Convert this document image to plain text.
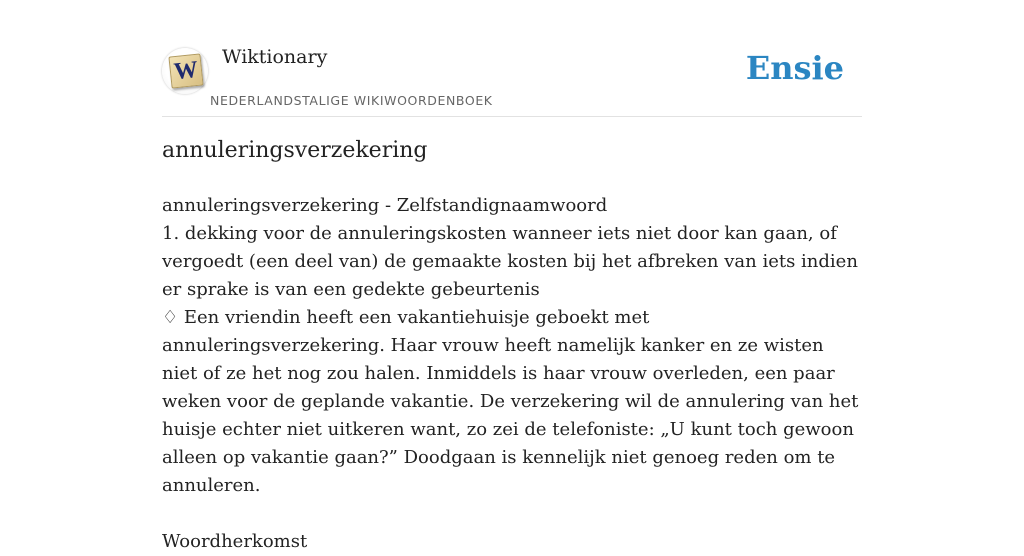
W Wiktionary
NEDERLANDSTALIGE WIKIWOORDENBOEK
Ensie
annuleringsverzekering

annuleringsverzekering - Zelfstandignaamwoord

1. dekking voor de annuleringskosten wanneer iets niet door kan gaan, of vergoedt (een deel van) de gemaakte kosten bij het afbreken van iets indien er sprake is van een gedekte gebeurtenis

♢ Een vriendin heeft een vakantiehuisje geboekt met annuleringsverzekering. Haar vrouw heeft namelijk kanker en ze wisten niet of ze het nog zou halen. Inmiddels is haar vrouw overleden, een paar weken voor de geplande vakantie. De verzekering wil de annulering van het huisje echter niet uitkeren want, zo zei de telefoniste: „U kunt toch gewoon alleen op vakantie gaan?” Doodgaan is kennelijk niet genoeg reden om te annuleren.

Woordherkomst
